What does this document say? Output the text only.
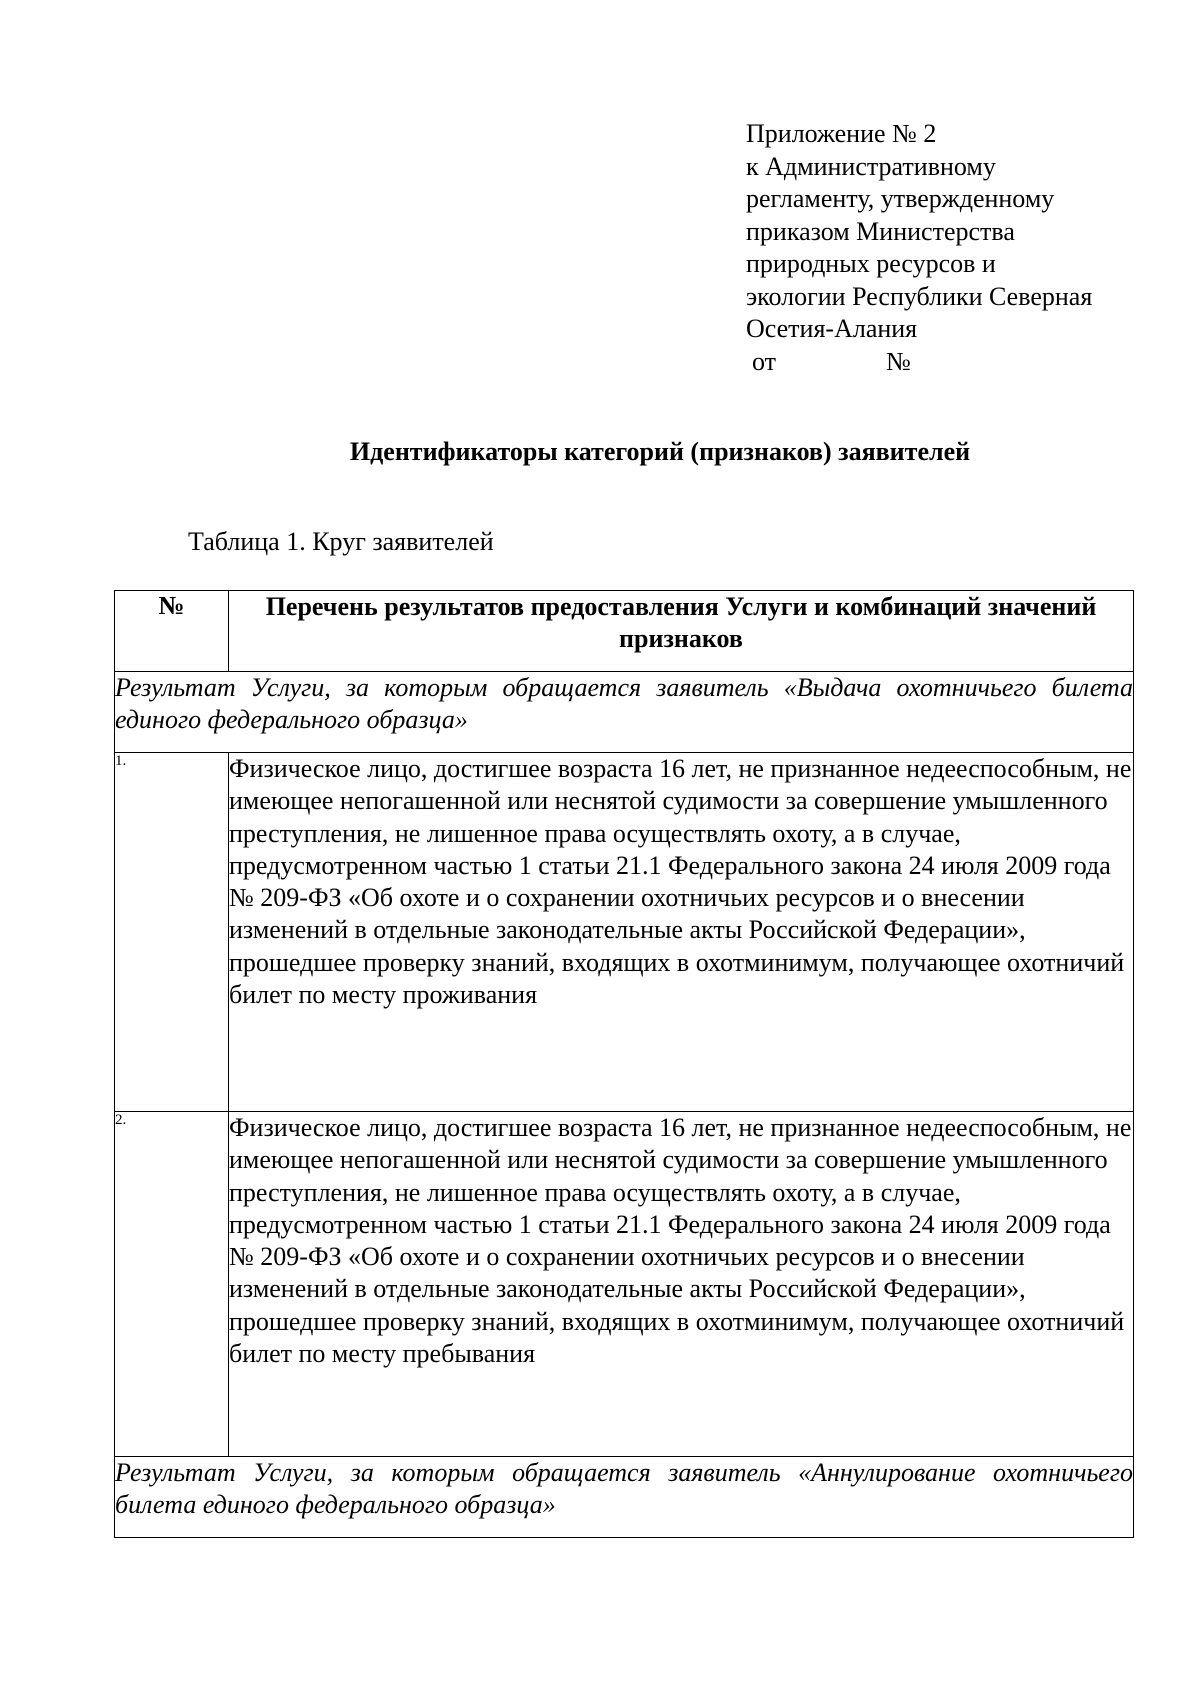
Приложение № 2
к Административному
регламенту, утвержденному
приказом Министерства
природных ресурсов и
экологии Республики Северная
Осетия-Алания
от	№
Идентификаторы категорий (признаков) заявителей
Таблица 1. Круг заявителей
№	Перечень результатов предоставления Услуги и комбинаций значений признаков
Результат Услуги, за которым обращается заявитель «Выдача охотничьего билета единого федерального образца»	
1.	Физическое лицо, достигшее возраста 16 лет, не признанное недееспособным, не имеющее непогашенной или неснятой судимости за совершение умышленного преступления, не лишенное права осуществлять охоту, а в случае, предусмотренном частью 1 статьи 21.1 Федерального закона 24 июля 2009 года № 209-ФЗ «Об охоте и о сохранении охотничьих ресурсов и о внесении изменений в отдельные законодательные акты Российской Федерации», прошедшее проверку знаний, входящих в охотминимум, получающее охотничий билет по месту проживания
2.	Физическое лицо, достигшее возраста 16 лет, не признанное недееспособным, не имеющее непогашенной или неснятой судимости за совершение умышленного преступления, не лишенное права осуществлять охоту, а в случае, предусмотренном частью 1 статьи 21.1 Федерального закона 24 июля 2009 года № 209-ФЗ «Об охоте и о сохранении охотничьих ресурсов и о внесении изменений в отдельные законодательные акты Российской Федерации», прошедшее проверку знаний, входящих в охотминимум, получающее охотничий билет по месту пребывания
Результат Услуги, за которым обращается заявитель «Аннулирование охотничьего билета единого федерального образца»	
